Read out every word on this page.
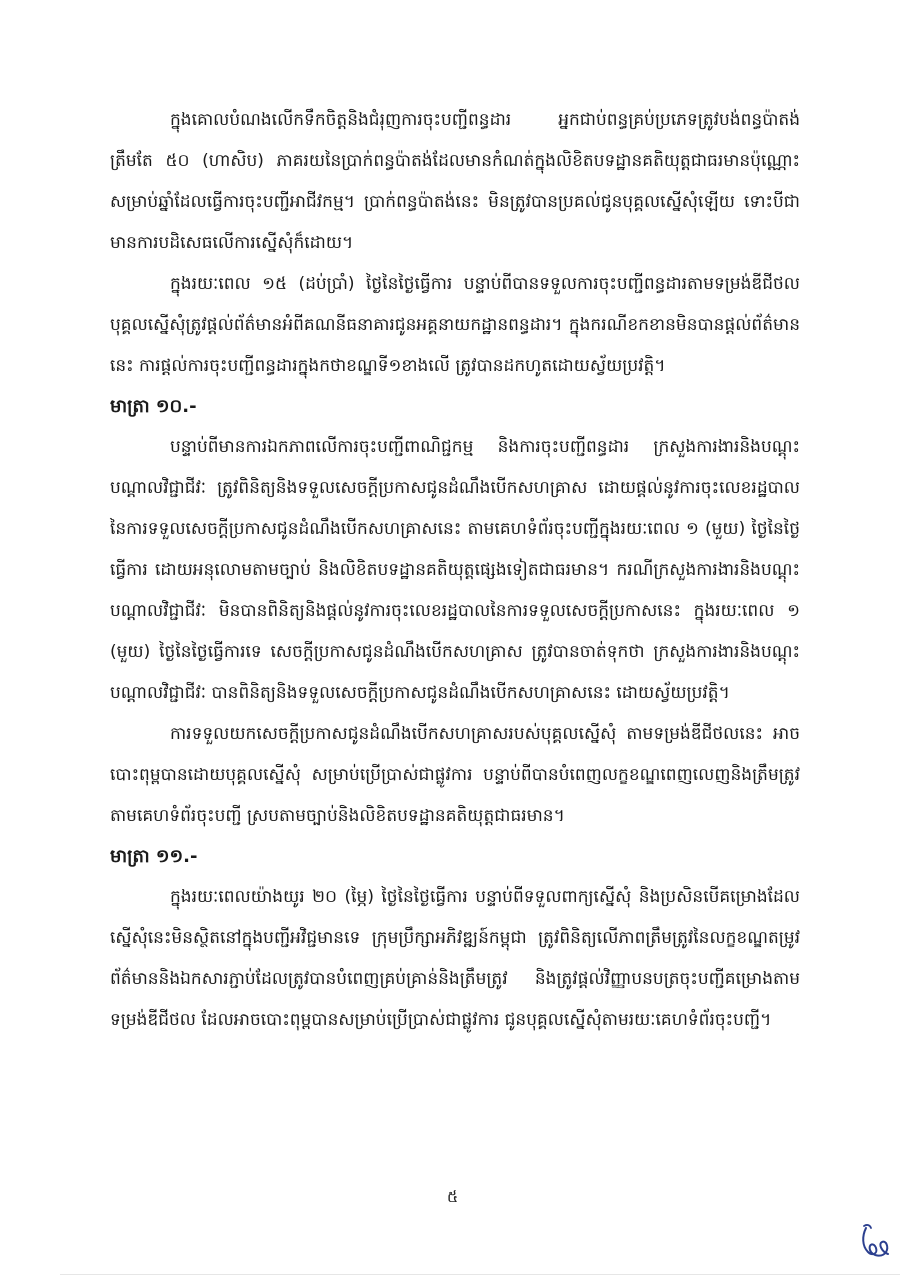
ក្នុងគោលបំណងលើកទឹកចិត្តនិងជំរុញការចុះបញ្ជីពន្ធដារ អ្នកជាប់ពន្ធគ្រប់ប្រភេទត្រូវបង់ពន្ធប៉ាតង់ត្រឹមតែ ៥០ (ហាសិប) ភាគរយនៃប្រាក់ពន្ធប៉ាតង់ដែលមានកំណត់ក្នុងលិខិតបទដ្ឋានគតិយុត្តជាធរមានប៉ុណ្ណោះ សម្រាប់ឆ្នាំដែលធ្វើការចុះបញ្ជីអាជីវកម្ម។ ប្រាក់ពន្ធប៉ាតង់នេះ មិនត្រូវបានប្រគល់ជូនបុគ្គលស្នើសុំឡើយ ទោះបីជាមានការបដិសេធលើការស្នើសុំក៏ដោយ។

ក្នុងរយៈពេល ១៥ (ដប់ប្រាំ) ថ្ងៃនៃថ្ងៃធ្វើការ បន្ទាប់ពីបានទទួលការចុះបញ្ជីពន្ធដារតាមទម្រង់ឌីជីថល បុគ្គលស្នើសុំត្រូវផ្តល់ព័ត៌មានអំពីគណនីធនាគារជូនអគ្គនាយកដ្ឋានពន្ធដារ។ ក្នុងករណីខកខានមិនបានផ្តល់ព័ត៌មាននេះ ការផ្តល់ការចុះបញ្ជីពន្ធដារក្នុងកថាខណ្ឌទី១ខាងលើ ត្រូវបានដកហូតដោយស្វ័យប្រវត្តិ។

មាត្រា ១០.-

បន្ទាប់ពីមានការឯកភាពលើការចុះបញ្ជីពាណិជ្ជកម្ម និងការចុះបញ្ជីពន្ធដារ ក្រសួងការងារនិងបណ្តុះបណ្តាលវិជ្ជាជីវៈ ត្រូវពិនិត្យនិងទទួលសេចក្តីប្រកាសជូនដំណឹងបើកសហគ្រាស ដោយផ្តល់នូវការចុះលេខរដ្ឋបាលនៃការទទួលសេចក្តីប្រកាសជូនដំណឹងបើកសហគ្រាសនេះ តាមគេហទំព័រចុះបញ្ជីក្នុងរយៈពេល ១ (មួយ) ថ្ងៃនៃថ្ងៃធ្វើការ ដោយអនុលោមតាមច្បាប់ និងលិខិតបទដ្ឋានគតិយុត្តផ្សេងទៀតជាធរមាន។ ករណីក្រសួងការងារនិងបណ្តុះបណ្តាលវិជ្ជាជីវៈ មិនបានពិនិត្យនិងផ្តល់នូវការចុះលេខរដ្ឋបាលនៃការទទួលសេចក្តីប្រកាសនេះ ក្នុងរយៈពេល ១ (មួយ) ថ្ងៃនៃថ្ងៃធ្វើការទេ សេចក្តីប្រកាសជូនដំណឹងបើកសហគ្រាស ត្រូវបានចាត់ទុកថា ក្រសួងការងារនិងបណ្តុះបណ្តាលវិជ្ជាជីវៈ បានពិនិត្យនិងទទួលសេចក្តីប្រកាសជូនដំណឹងបើកសហគ្រាសនេះ ដោយស្វ័យប្រវត្តិ។

ការទទួលយកសេចក្តីប្រកាសជូនដំណឹងបើកសហគ្រាសរបស់បុគ្គលស្នើសុំ តាមទម្រង់ឌីជីថលនេះ អាចបោះពុម្ពបានដោយបុគ្គលស្នើសុំ សម្រាប់ប្រើប្រាស់ជាផ្លូវការ បន្ទាប់ពីបានបំពេញលក្ខខណ្ឌពេញលេញនិងត្រឹមត្រូវតាមគេហទំព័រចុះបញ្ជី ស្របតាមច្បាប់និងលិខិតបទដ្ឋានគតិយុត្តជាធរមាន។

មាត្រា ១១.-

ក្នុងរយៈពេលយ៉ាងយូរ ២០ (ម្ភៃ) ថ្ងៃនៃថ្ងៃធ្វើការ បន្ទាប់ពីទទួលពាក្យស្នើសុំ និងប្រសិនបើគម្រោងដែលស្នើសុំនេះមិនស្ថិតនៅក្នុងបញ្ជីអវិជ្ជមានទេ ក្រុមប្រឹក្សាអភិវឌ្ឍន៍កម្ពុជា ត្រូវពិនិត្យលើភាពត្រឹមត្រូវនៃលក្ខខណ្ឌតម្រូវព័ត៌មាននិងឯកសារភ្ជាប់ដែលត្រូវបានបំពេញគ្រប់គ្រាន់និងត្រឹមត្រូវ និងត្រូវផ្តល់វិញ្ញាបនបត្រចុះបញ្ជីគម្រោងតាមទម្រង់ឌីជីថល ដែលអាចបោះពុម្ពបានសម្រាប់ប្រើប្រាស់ជាផ្លូវការ ជូនបុគ្គលស្នើសុំតាមរយៈគេហទំព័រចុះបញ្ជី។

៥
